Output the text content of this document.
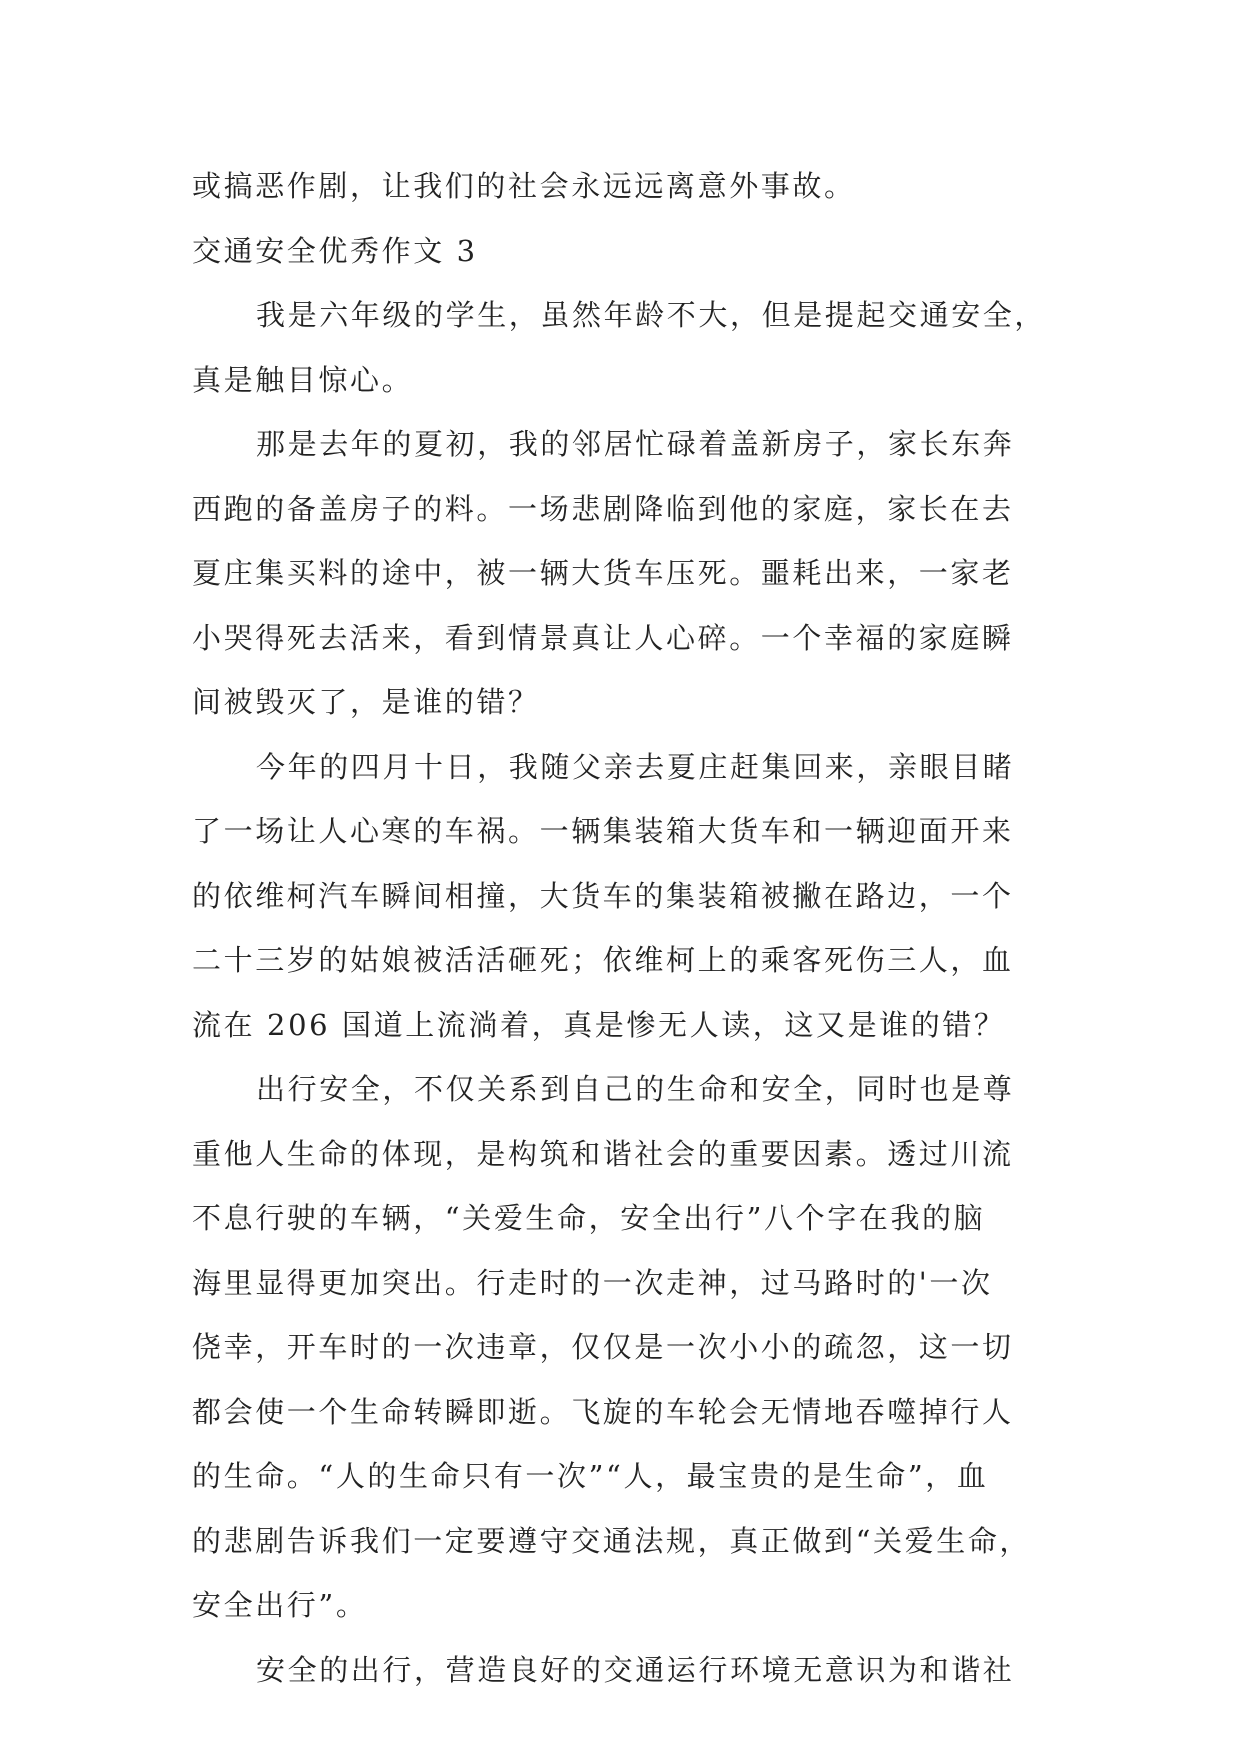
或搞恶作剧，让我们的社会永远远离意外事故。

交通安全优秀作文 3

我是六年级的学生，虽然年龄不大，但是提起交通安全，

真是触目惊心。

那是去年的夏初，我的邻居忙碌着盖新房子，家长东奔

西跑的备盖房子的料。一场悲剧降临到他的家庭，家长在去

夏庄集买料的途中，被一辆大货车压死。噩耗出来，一家老

小哭得死去活来，看到情景真让人心碎。一个幸福的家庭瞬

间被毁灭了，是谁的错？

今年的四月十日，我随父亲去夏庄赶集回来，亲眼目睹

了一场让人心寒的车祸。一辆集装箱大货车和一辆迎面开来

的依维柯汽车瞬间相撞，大货车的集装箱被撇在路边，一个

二十三岁的姑娘被活活砸死；依维柯上的乘客死伤三人，血

流在 206 国道上流淌着，真是惨无人读，这又是谁的错？

出行安全，不仅关系到自己的生命和安全，同时也是尊

重他人生命的体现，是构筑和谐社会的重要因素。透过川流

不息行驶的车辆，“关爱生命，安全出行”八个字在我的脑

海里显得更加突出。行走时的一次走神，过马路时的'一次

侥幸，开车时的一次违章，仅仅是一次小小的疏忽，这一切

都会使一个生命转瞬即逝。飞旋的车轮会无情地吞噬掉行人

的生命。“人的生命只有一次”“人，最宝贵的是生命”，血

的悲剧告诉我们一定要遵守交通法规，真正做到“关爱生命，

安全出行”。

安全的出行，营造良好的交通运行环境无意识为和谐社
